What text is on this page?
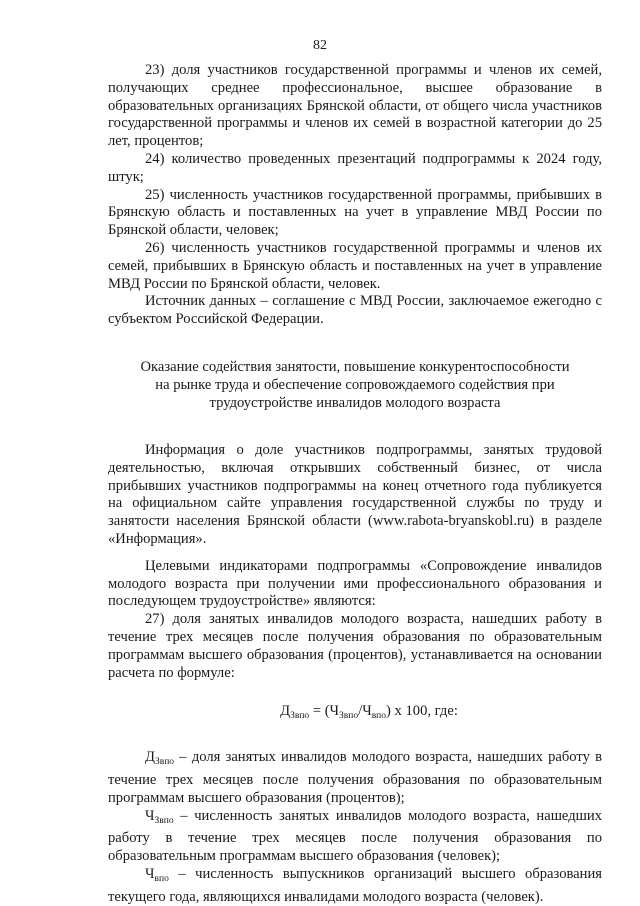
82

23) доля участников государственной программы и членов их семей, получающих среднее профессиональное, высшее образование в образовательных организациях Брянской области, от общего числа участников государственной программы и членов их семей в возрастной категории до 25 лет, процентов;

24) количество проведенных презентаций подпрограммы к 2024 году, штук;

25) численность участников государственной программы, прибывших в Брянскую область и поставленных на учет в управление МВД России по Брянской области, человек;

26) численность участников государственной программы и членов их семей, прибывших в Брянскую область и поставленных на учет в управление МВД России по Брянской области, человек.

Источник данных – соглашение с МВД России, заключаемое ежегодно с субъектом Российской Федерации.

Оказание содействия занятости, повышение конкурентоспособности
на рынке труда и обеспечение сопровождаемого содействия при
трудоустройстве инвалидов молодого возраста

Информация о доле участников подпрограммы, занятых трудовой деятельностью, включая открывших собственный бизнес, от числа прибывших участников подпрограммы на конец отчетного года публикуется на официальном сайте управления государственной службы по труду и занятости населения Брянской области (www.rabota-bryanskobl.ru) в разделе «Информация».

Целевыми индикаторами подпрограммы «Сопровождение инвалидов молодого возраста при получении ими профессионального образования и последующем трудоустройстве» являются:

27) доля занятых инвалидов молодого возраста, нашедших работу в течение трех месяцев после получения образования по образовательным программам высшего образования (процентов), устанавливается на основании расчета по формуле:

$Д_{Звпо} = (Ч_{Звпо}/Ч_{впо})$ х 100, где:

$Д_{Звпо}$ – доля занятых инвалидов молодого возраста, нашедших работу в течение трех месяцев после получения образования по образовательным программам высшего образования (процентов);

$Ч_{Звпо}$ – численность занятых инвалидов молодого возраста, нашедших работу в течение трех месяцев после получения образования по образовательным программам высшего образования (человек);

$Ч_{впо}$ – численность выпускников организаций высшего образования текущего года, являющихся инвалидами молодого возраста (человек).
